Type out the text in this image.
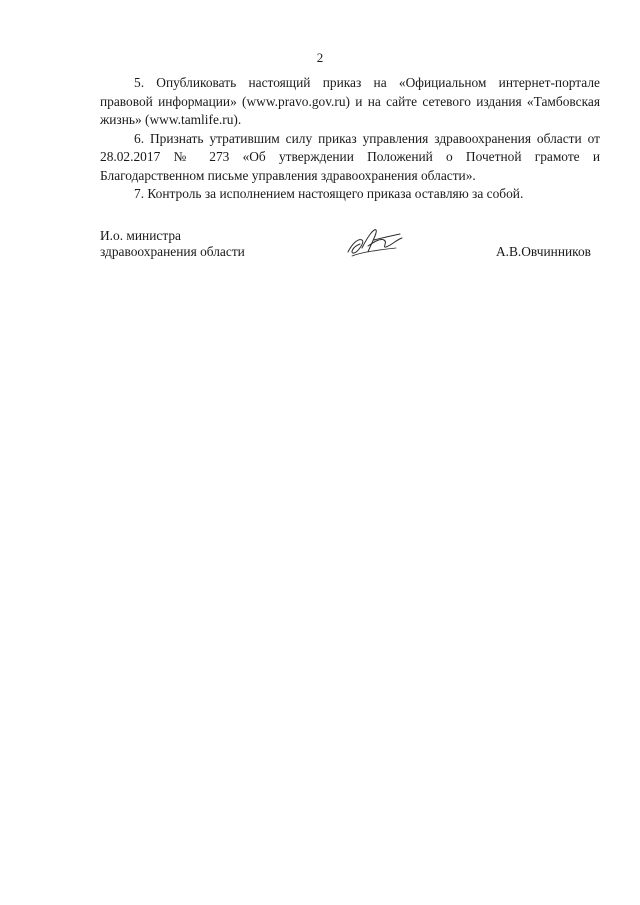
2

5. Опубликовать настоящий приказ на «Официальном интернет-портале правовой информации» (www.pravo.gov.ru) и на сайте сетевого издания «Тамбовская жизнь» (www.tamlife.ru).

6. Признать утратившим силу приказ управления здравоохранения области от 28.02.2017 № 273 «Об утверждении Положений о Почетной грамоте и Благодарственном письме управления здравоохранения области».

7. Контроль за исполнением настоящего приказа оставляю за собой.

И.о. министра
здравоохранения области	А.В.Овчинников
